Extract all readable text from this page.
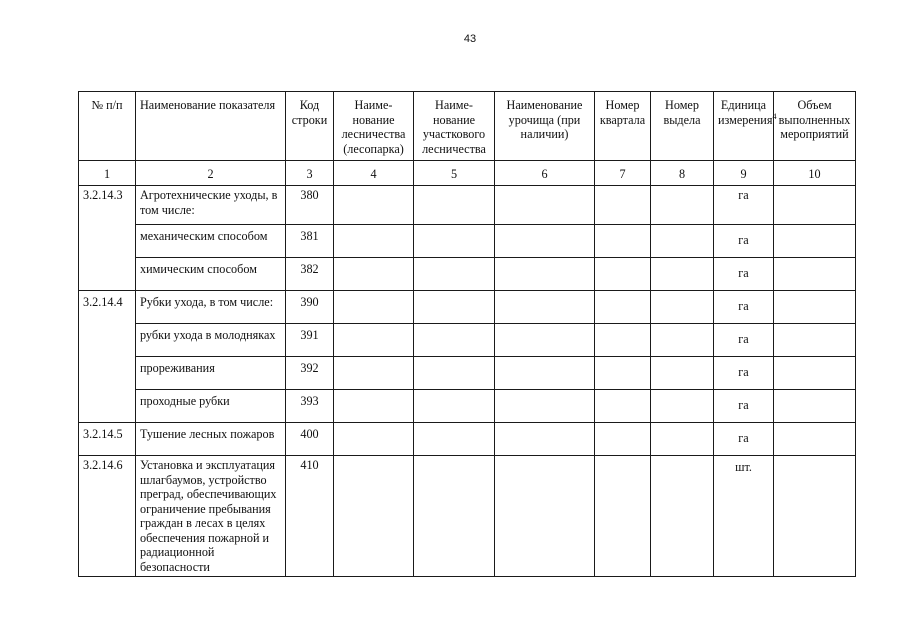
43
№ п/п	Наименование показателя	Код строки	Наиме- нование лесничества (лесопарка)	Наиме- нование участкового лесничества	Наименование урочища (при наличии)	Номер квартала	Номер выдела	Единица измерения$^4$	Объем выполненных мероприятий
1	2	3	4	5	6	7	8	9	10
3.2.14.3	Агротехнические уходы, в том числе:	380						га	
	механическим способом	381						га	
	химическим способом	382						га	
3.2.14.4	Рубки ухода, в том числе:	390						га	
	рубки ухода в молодняках	391						га	
	прореживания	392						га	
	проходные рубки	393						га	
3.2.14.5	Тушение лесных пожаров	400						га	
3.2.14.6	Установка и эксплуатация шлагбаумов, устройство преград, обеспечивающих ограничение пребывания граждан в лесах в целях обеспечения пожарной и радиационной безопасности	410						шт.	
